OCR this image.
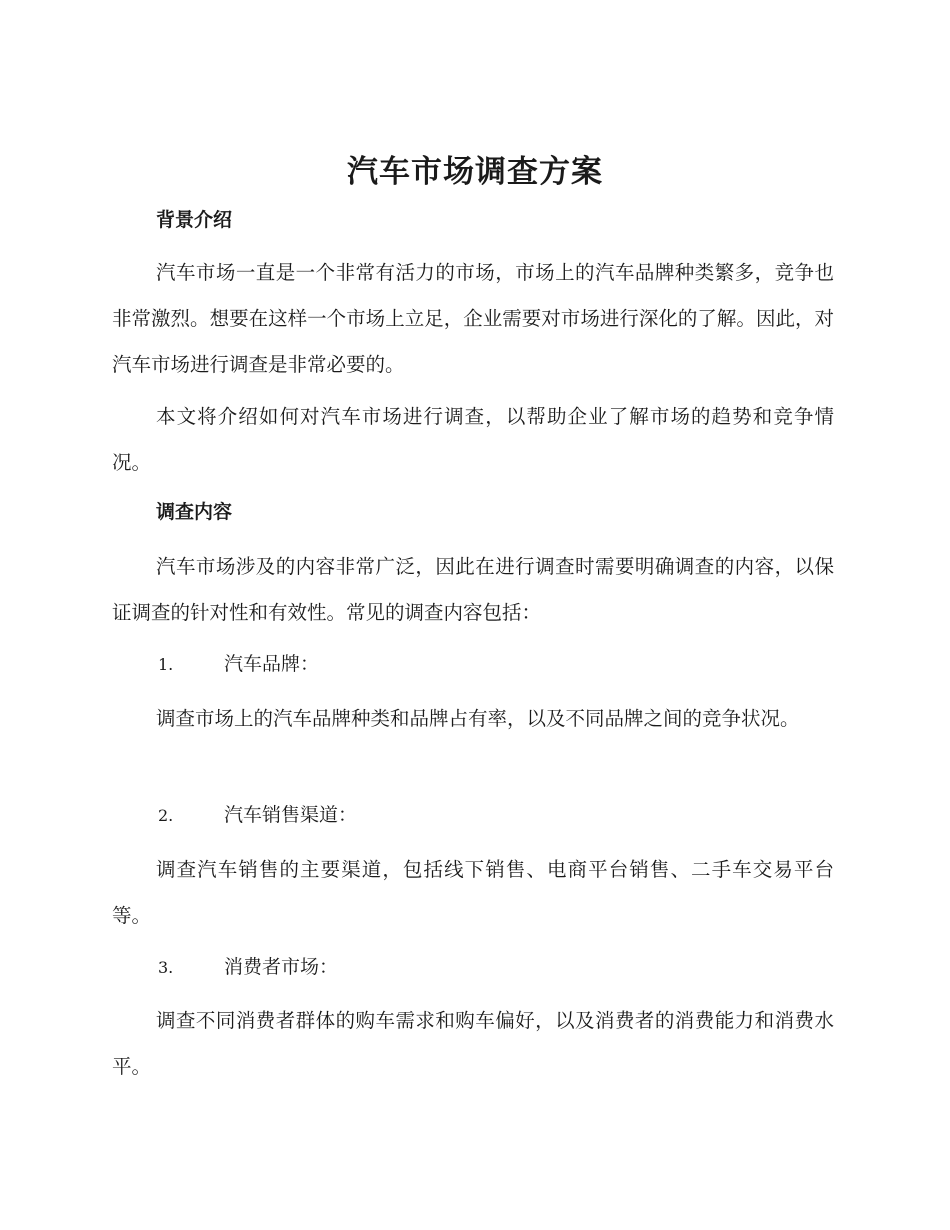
汽车市场调查方案
背景介绍

汽车市场一直是一个非常有活力的市场，市场上的汽车品牌种类繁多，竞争也非常激烈。想要在这样一个市场上立足，企业需要对市场进行深化的了解。因此，对汽车市场进行调查是非常必要的。

本文将介绍如何对汽车市场进行调查，以帮助企业了解市场的趋势和竞争情况。

调查内容

汽车市场涉及的内容非常广泛，因此在进行调查时需要明确调查的内容，以保证调查的针对性和有效性。常见的调查内容包括：

1.	汽车品牌：

调查市场上的汽车品牌种类和品牌占有率，以及不同品牌之间的竞争状况。

2.	汽车销售渠道：

调查汽车销售的主要渠道，包括线下销售、电商平台销售、二手车交易平台等。

3.	消费者市场：

调查不同消费者群体的购车需求和购车偏好，以及消费者的消费能力和消费水平。
